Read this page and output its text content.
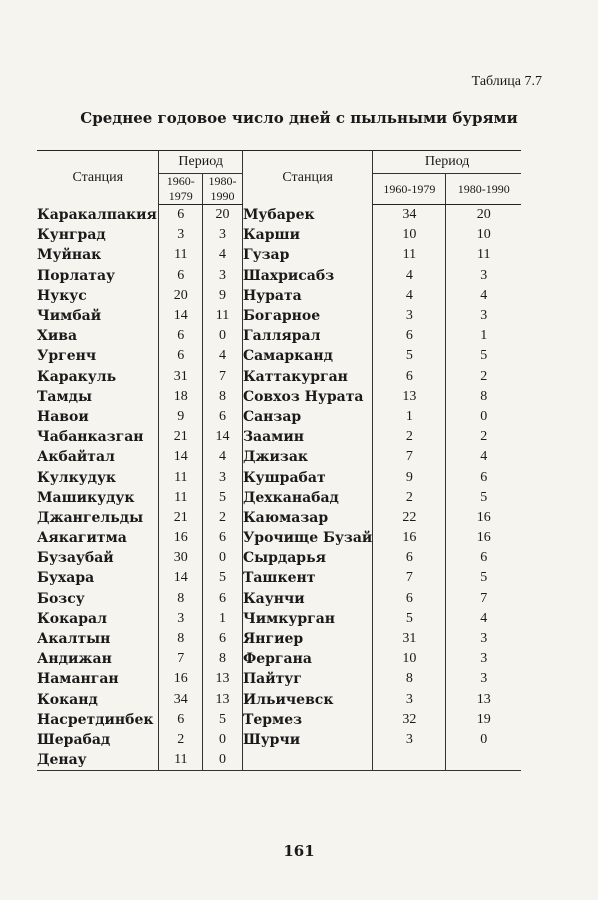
Таблица 7.7
Среднее годовое число дней с пыльными бурями
Станция	Период		Станция	Период	
	1960-1979	1980-1990		1960-1979	1980-1990
Каракалпакия	6	20	Мубарек	34	20
Кунград	3	3	Карши	10	10
Муйнак	11	4	Гузар	11	11
Порлатау	6	3	Шахрисабз	4	3
Нукус	20	9	Нурата	4	4
Чимбай	14	11	Богарное	3	3
Хива	6	0	Галлярал	6	1
Ургенч	6	4	Самарканд	5	5
Каракуль	31	7	Каттакурган	6	2
Тамды	18	8	Совхоз Нурата	13	8
Навои	9	6	Санзар	1	0
Чабанказган	21	14	Заамин	2	2
Акбайтал	14	4	Джизак	7	4
Кулкудук	11	3	Кушрабат	9	6
Машикудук	11	5	Дехканабад	2	5
Джангельды	21	2	Каюмазар	22	16
Аякагитма	16	6	Урочище Бузай	16	16
Бузаубай	30	0	Сырдарья	6	6
Бухара	14	5	Ташкент	7	5
Бозсу	8	6	Каунчи	6	7
Кокарал	3	1	Чимкурган	5	4
Акалтын	8	6	Янгиер	31	3
Андижан	7	8	Фергана	10	3
Наманган	16	13	Пайтуг	8	3
Коканд	34	13	Ильичевск	3	13
Насретдинбек	6	5	Термез	32	19
Шерабад	2	0	Шурчи	3	0
Денау	11	0			
161
